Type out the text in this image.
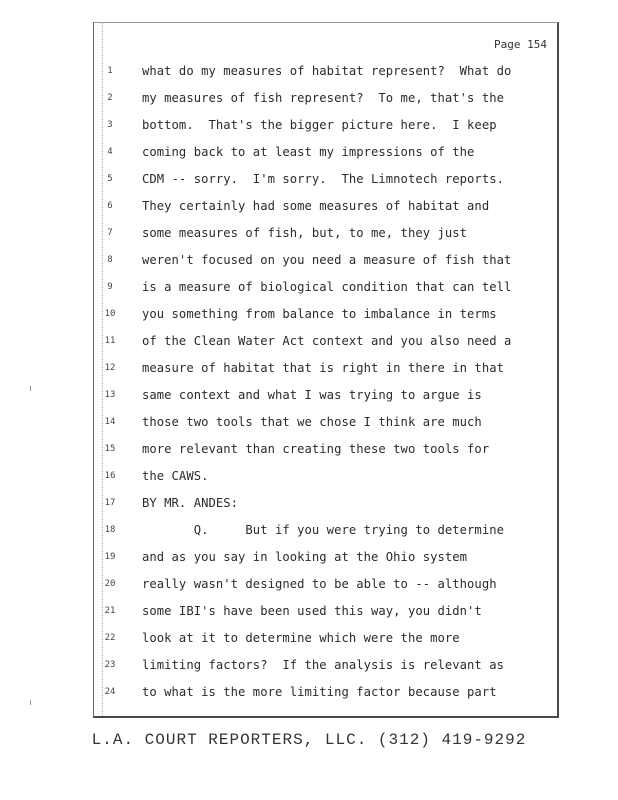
Page 154
1	what do my measures of habitat represent?  What do
2	my measures of fish represent?  To me, that's the
3	bottom.  That's the bigger picture here.  I keep
4	coming back to at least my impressions of the
5	CDM -- sorry.  I'm sorry.  The Limnotech reports.
6	They certainly had some measures of habitat and
7	some measures of fish, but, to me, they just
8	weren't focused on you need a measure of fish that
9	is a measure of biological condition that can tell
10	you something from balance to imbalance in terms
11	of the Clean Water Act context and you also need a
12	measure of habitat that is right in there in that
13	same context and what I was trying to argue is
14	those two tools that we chose I think are much
15	more relevant than creating these two tools for
16	the CAWS.
17	BY MR. ANDES:
18	Q.     But if you were trying to determine
19	and as you say in looking at the Ohio system
20	really wasn't designed to be able to -- although
21	some IBI's have been used this way, you didn't
22	look at it to determine which were the more
23	limiting factors?  If the analysis is relevant as
24	to what is the more limiting factor because part
L.A. COURT REPORTERS, LLC. (312) 419-9292
